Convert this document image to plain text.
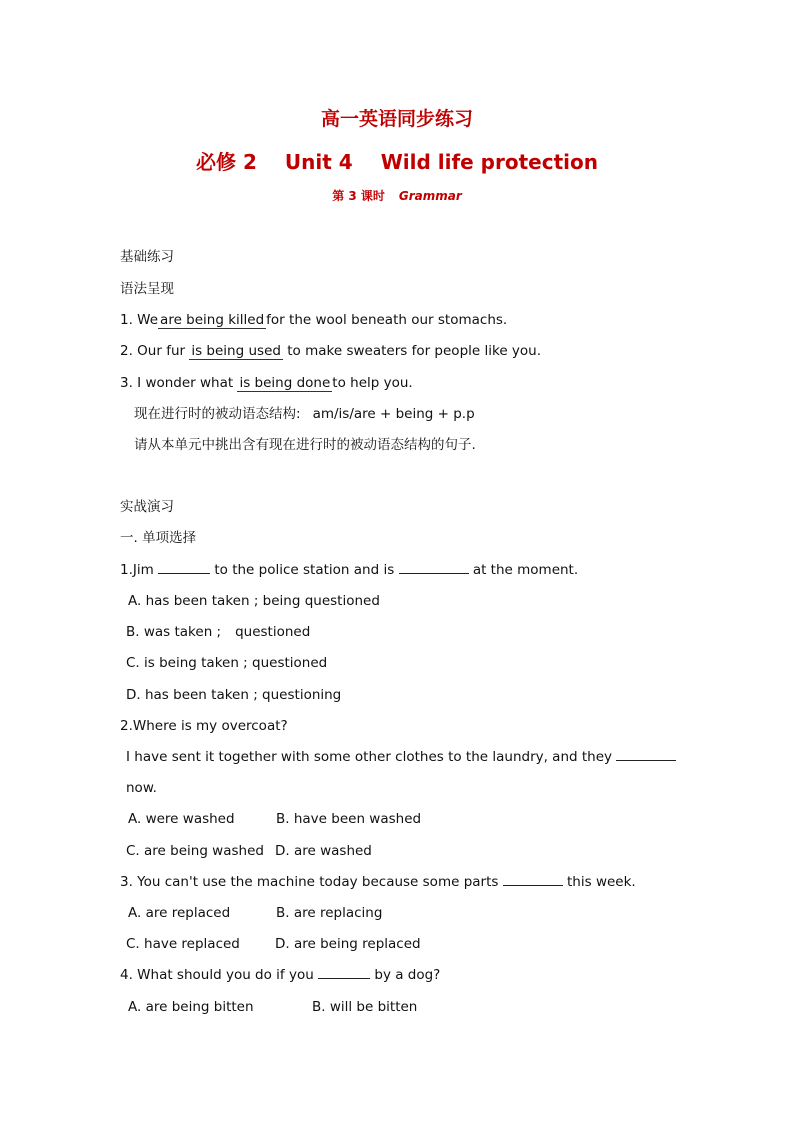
高一英语同步练习
必修 2 Unit 4 Wild life protection
第 3 课时 Grammar
基础练习
语法呈现
1. We are being killed for the wool beneath our stomachs.
2. Our fur is being used to make sweaters for people like you.
3. I wonder what is being done to help you.
现在进行时的被动语态结构: am/is/are + being + p.p
请从本单元中挑出含有现在进行时的被动语态结构的句子.
实战演习
一. 单项选择
1.Jim	to the police station and is	at the moment.
A. has been taken ; being questioned
B. was taken ; questioned
C. is being taken ; questioned
D. has been taken ; questioning
2.Where is my overcoat?
I have sent it together with some other clothes to the laundry, and they
now.
A. were washed	B. have been washed
C. are being washed D. are washed
3. You can't use the machine today because some parts	this week.
A. are replaced	B. are replacing
C. have replaced	D. are being replaced
4. What should you do if you	by a dog?
A. are being bitten	B. will be bitten
